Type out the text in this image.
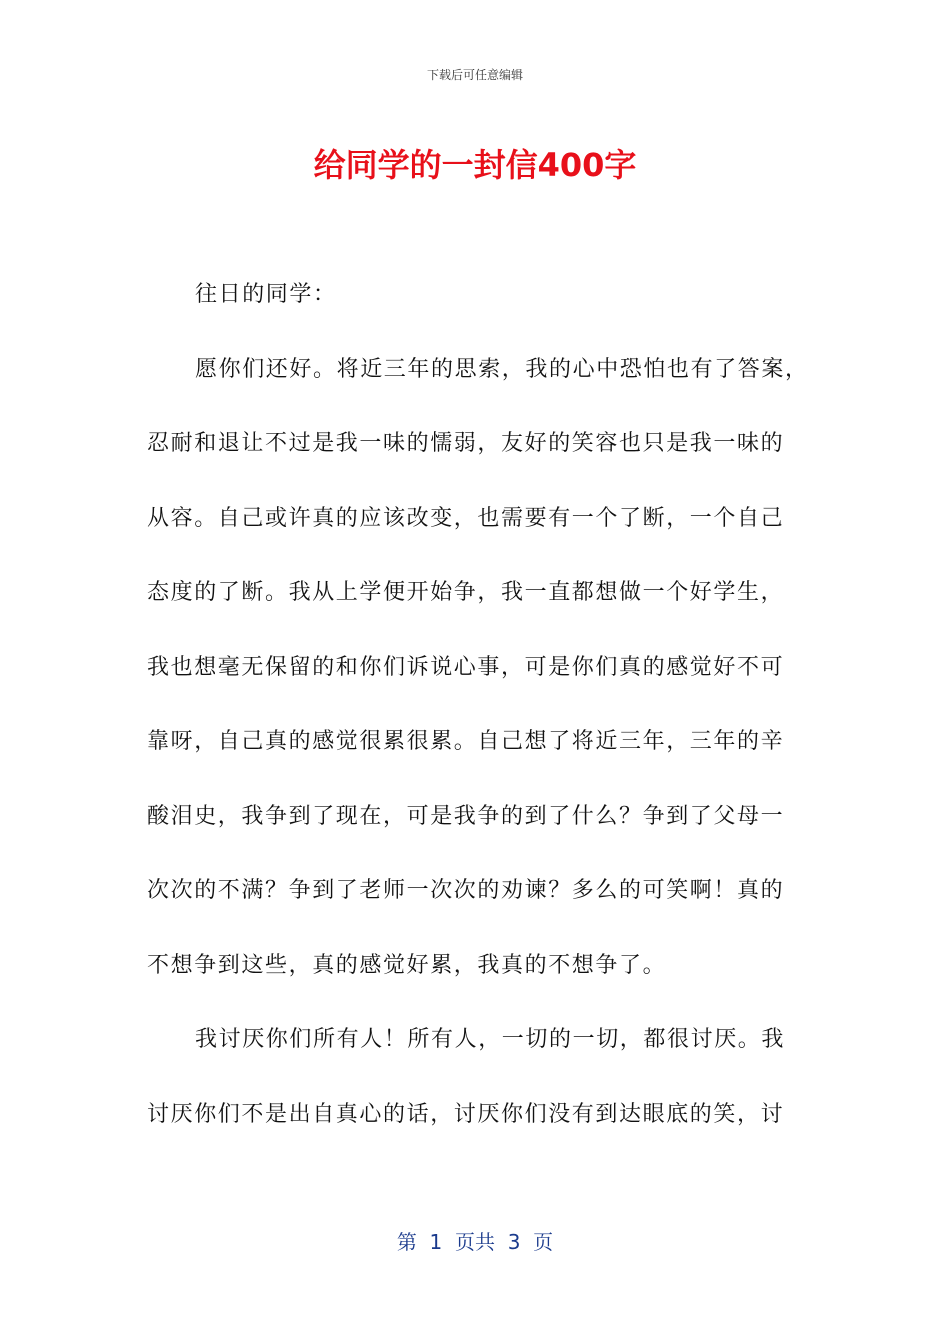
下载后可任意编辑
给同学的一封信400字

往日的同学：

愿你们还好。将近三年的思索，我的心中恐怕也有了答案，
忍耐和退让不过是我一味的懦弱，友好的笑容也只是我一味的
从容。自己或许真的应该改变，也需要有一个了断，一个自己
态度的了断。我从上学便开始争，我一直都想做一个好学生，
我也想毫无保留的和你们诉说心事，可是你们真的感觉好不可
靠呀，自己真的感觉很累很累。自己想了将近三年，三年的辛
酸泪史，我争到了现在，可是我争的到了什么？争到了父母一
次次的不满？争到了老师一次次的劝谏？多么的可笑啊！真的
不想争到这些，真的感觉好累，我真的不想争了。

我讨厌你们所有人！所有人，一切的一切，都很讨厌。我
讨厌你们不是出自真心的话，讨厌你们没有到达眼底的笑，讨

第  1  页共  3  页
